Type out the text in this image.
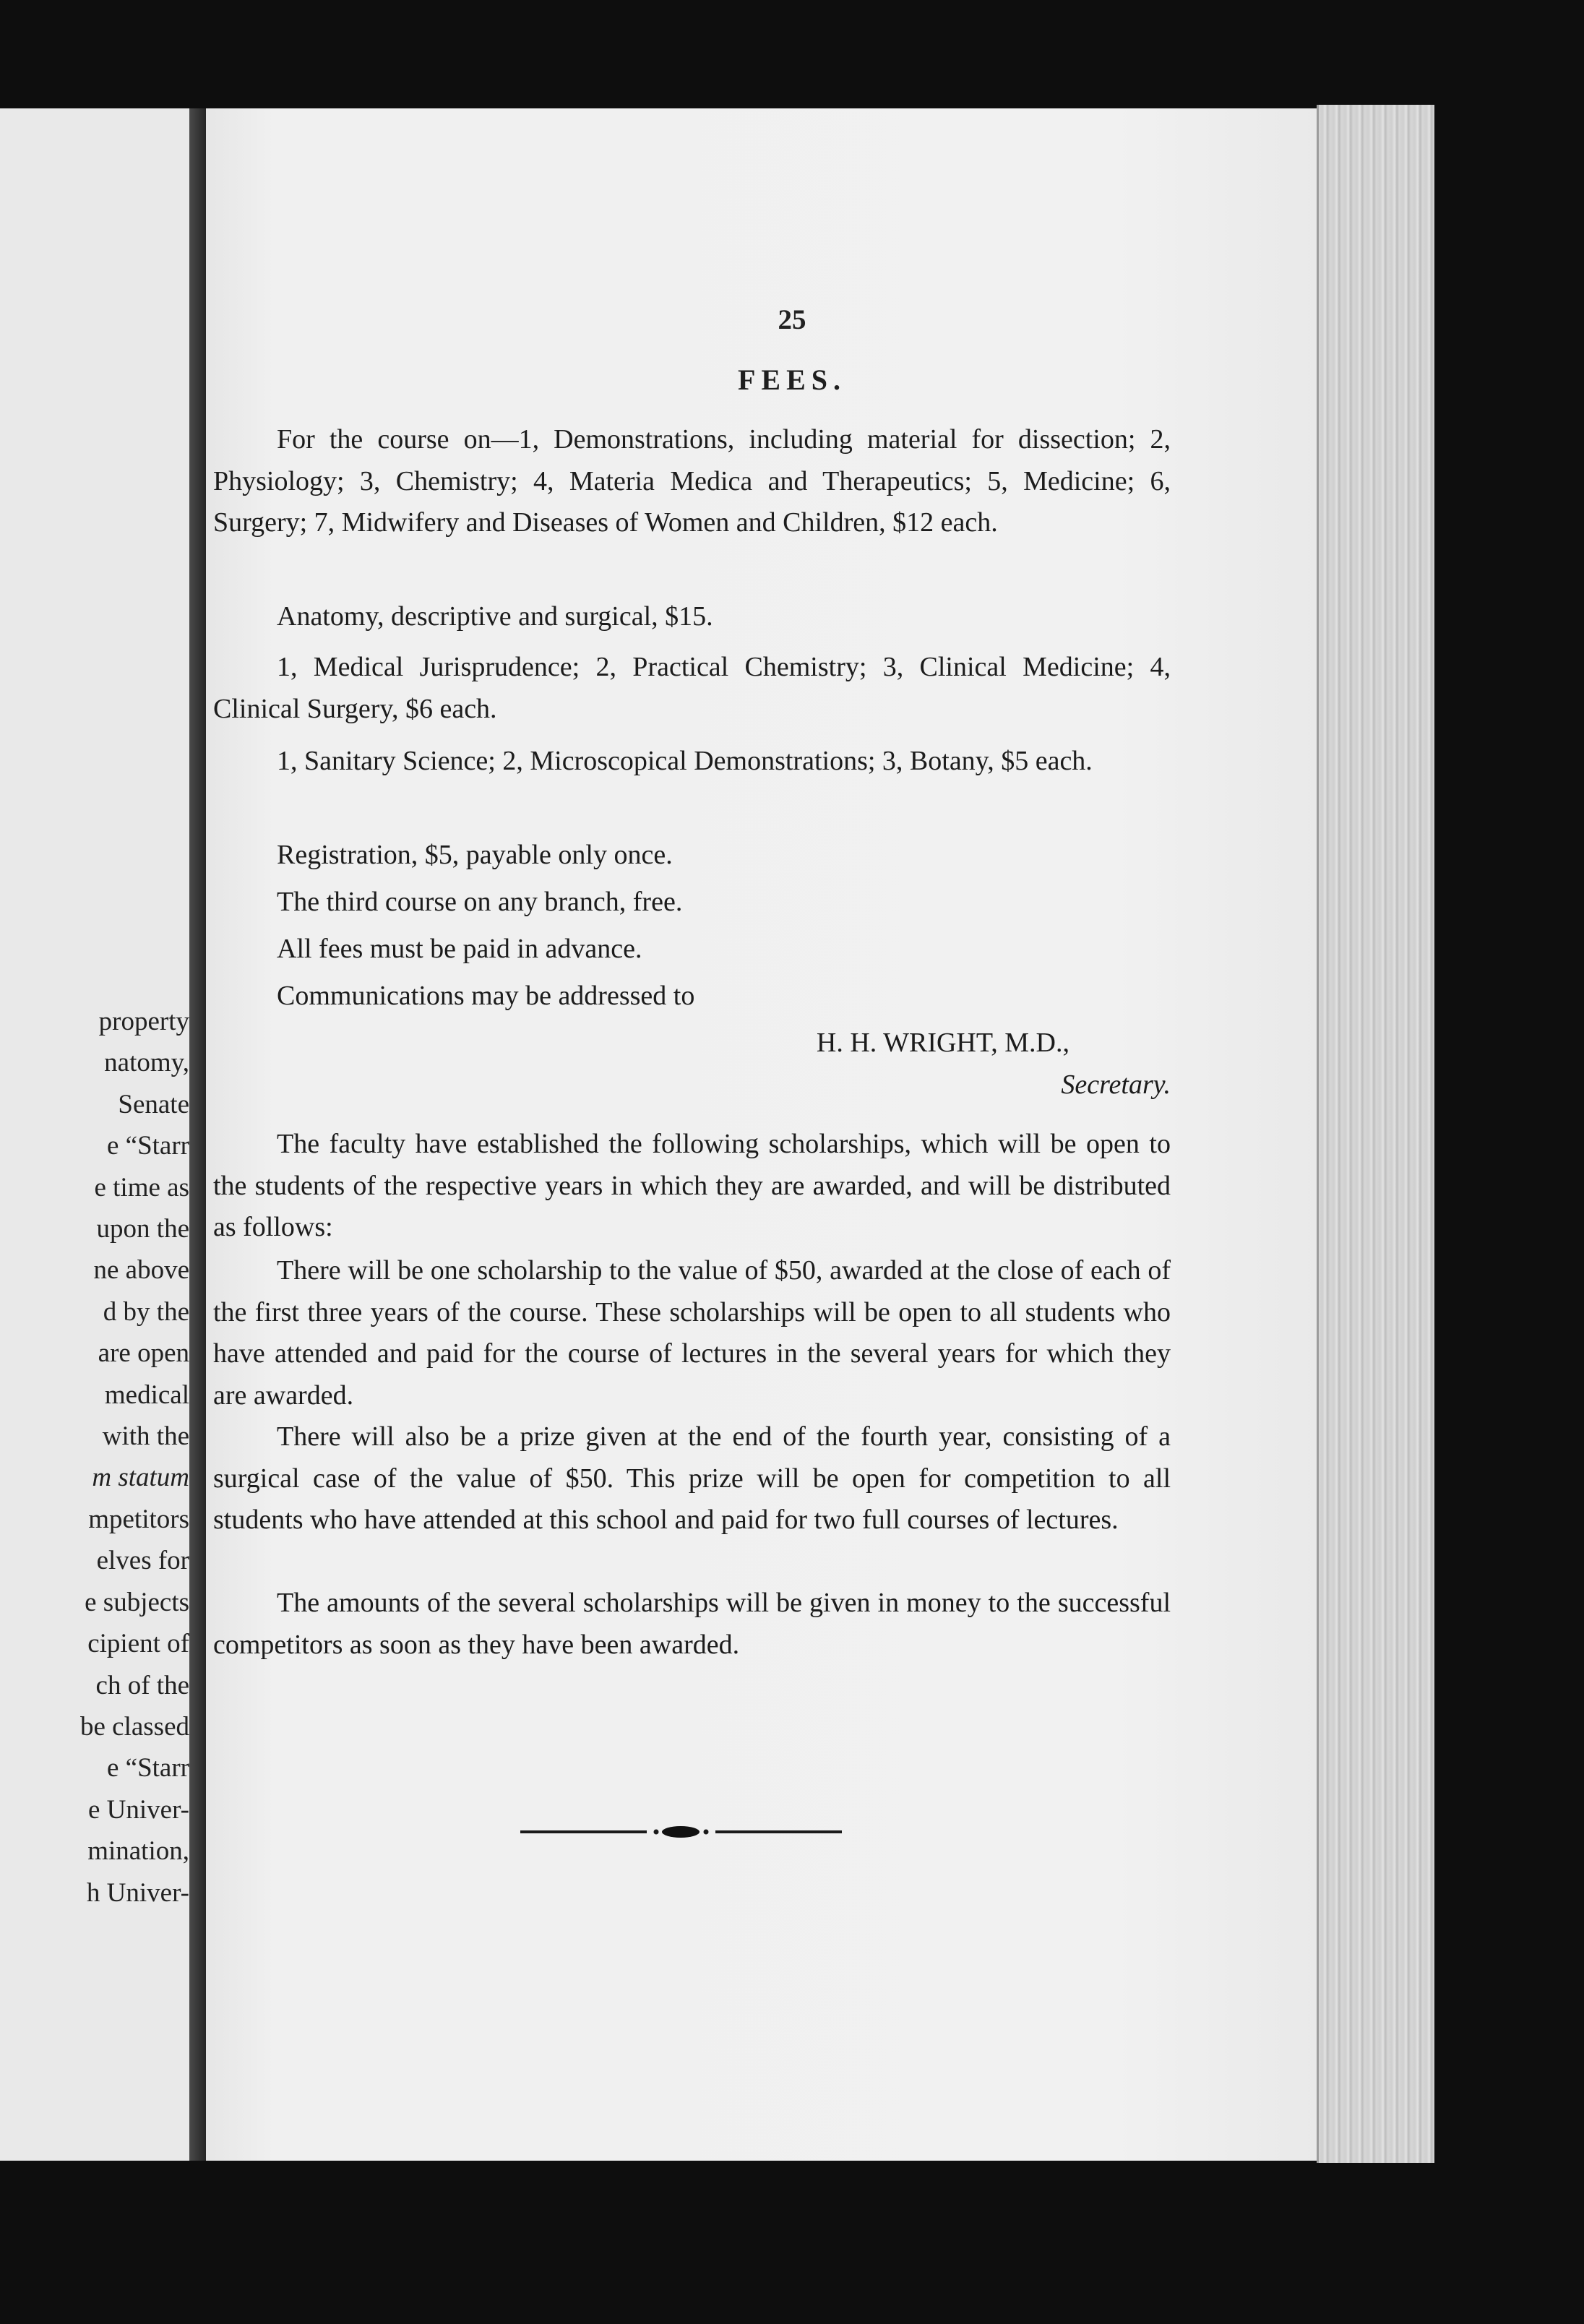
property
natomy,
Senate
e “Starr
e time as
upon the
ne above
d by the
are open
medical
with the
m statum
mpetitors
elves for
e subjects
cipient of
ch of the
be classed
e “Starr
e Univer-
mination,
h Univer-
25
FEES.
For the course on—1, Demonstrations, including material for dissection; 2, Physiology; 3, Chemistry; 4, Materia Medica and Therapeutics; 5, Medicine; 6, Surgery; 7, Midwifery and Diseases of Women and Children, $12 each.
Anatomy, descriptive and surgical, $15.
1, Medical Jurisprudence; 2, Practical Chemistry; 3, Clinical Medicine; 4, Clinical Surgery, $6 each.
1, Sanitary Science; 2, Microscopical Demonstrations; 3, Botany, $5 each.
Registration, $5, payable only once.
The third course on any branch, free.
All fees must be paid in advance.
Communications may be addressed to
H. H. WRIGHT, M.D.,
Secretary.
The faculty have established the following scholarships, which will be open to the students of the respective years in which they are awarded, and will be distributed as follows:
There will be one scholarship to the value of $50, awarded at the close of each of the first three years of the course. These scholarships will be open to all students who have attended and paid for the course of lectures in the several years for which they are awarded.
There will also be a prize given at the end of the fourth year, consisting of a surgical case of the value of $50. This prize will be open for competition to all students who have attended at this school and paid for two full courses of lectures.
The amounts of the several scholarships will be given in money to the successful competitors as soon as they have been awarded.
